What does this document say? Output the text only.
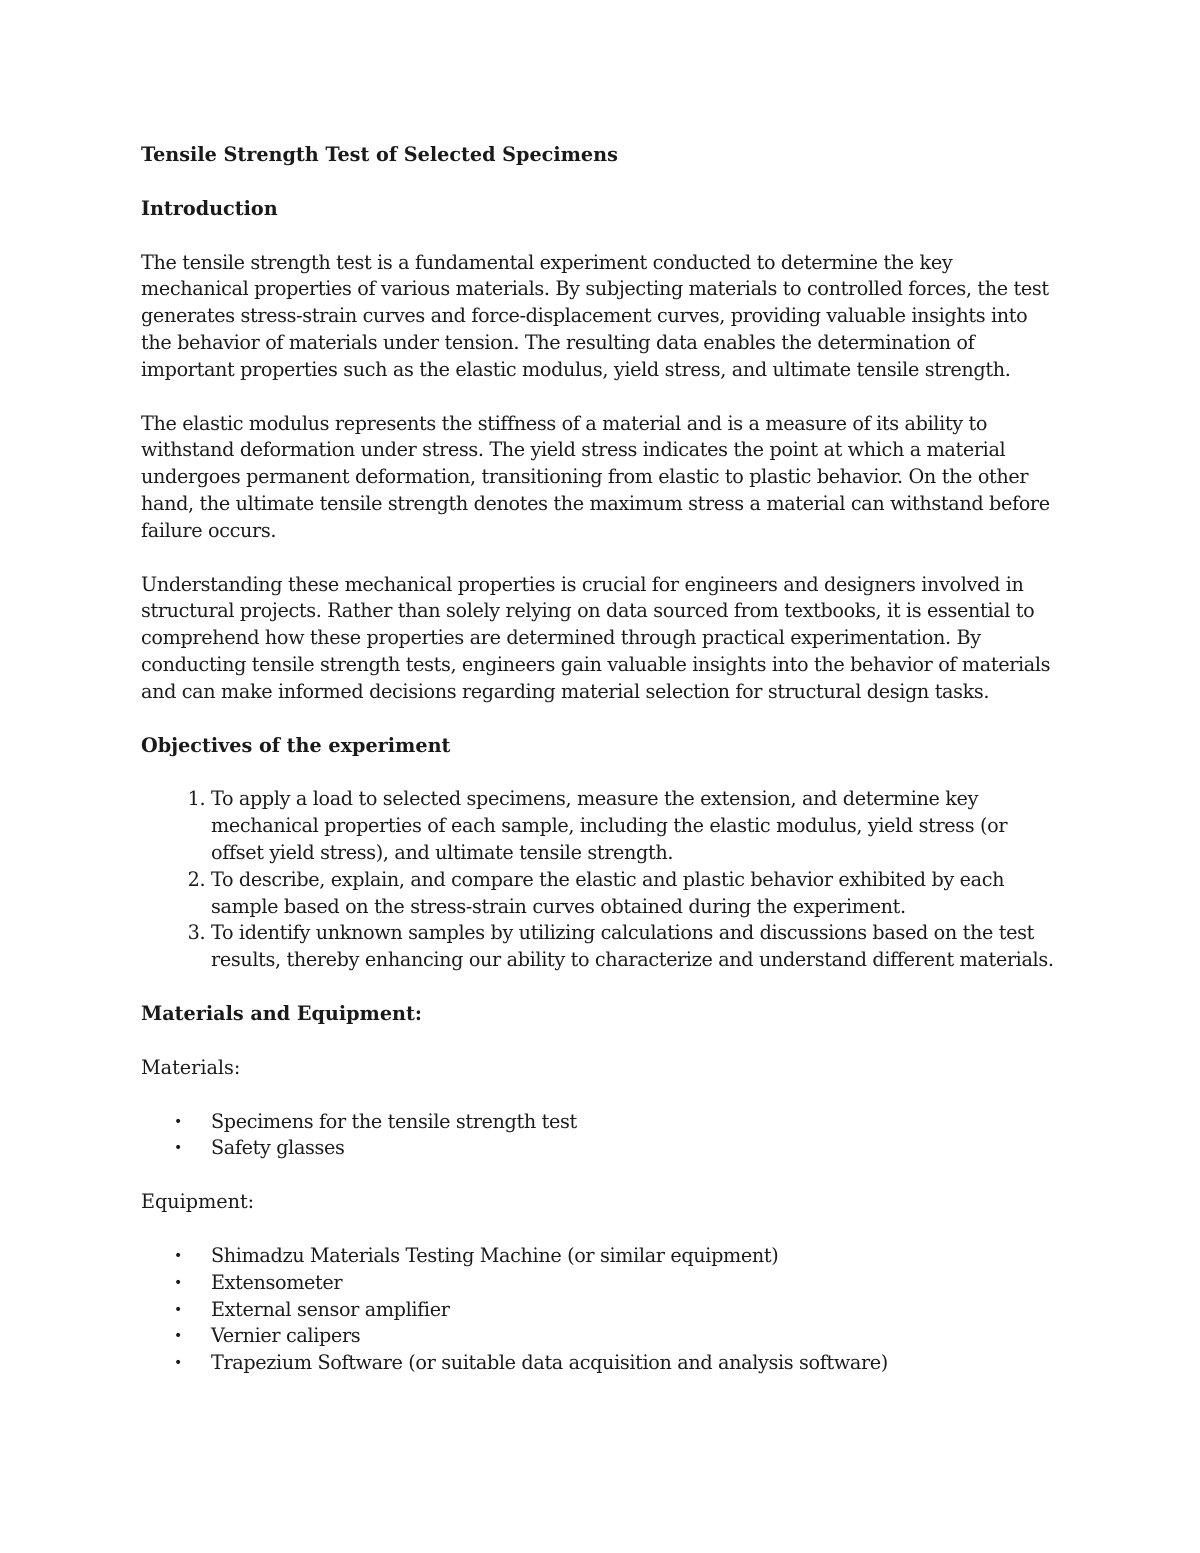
Tensile Strength Test of Selected Specimens
Introduction

The tensile strength test is a fundamental experiment conducted to determine the key mechanical properties of various materials. By subjecting materials to controlled forces, the test generates stress-strain curves and force-displacement curves, providing valuable insights into the behavior of materials under tension. The resulting data enables the determination of important properties such as the elastic modulus, yield stress, and ultimate tensile strength.

The elastic modulus represents the stiffness of a material and is a measure of its ability to withstand deformation under stress. The yield stress indicates the point at which a material undergoes permanent deformation, transitioning from elastic to plastic behavior. On the other hand, the ultimate tensile strength denotes the maximum stress a material can withstand before failure occurs.

Understanding these mechanical properties is crucial for engineers and designers involved in structural projects. Rather than solely relying on data sourced from textbooks, it is essential to comprehend how these properties are determined through practical experimentation. By conducting tensile strength tests, engineers gain valuable insights into the behavior of materials and can make informed decisions regarding material selection for structural design tasks.

Objectives of the experiment
1. To apply a load to selected specimens, measure the extension, and determine key mechanical properties of each sample, including the elastic modulus, yield stress (or offset yield stress), and ultimate tensile strength.
2. To describe, explain, and compare the elastic and plastic behavior exhibited by each sample based on the stress-strain curves obtained during the experiment.
3. To identify unknown samples by utilizing calculations and discussions based on the test results, thereby enhancing our ability to characterize and understand different materials.
Materials and Equipment:
Materials:
• Specimens for the tensile strength test
• Safety glasses
Equipment:
• Shimadzu Materials Testing Machine (or similar equipment)
• Extensometer
• External sensor amplifier
• Vernier calipers
• Trapezium Software (or suitable data acquisition and analysis software)
